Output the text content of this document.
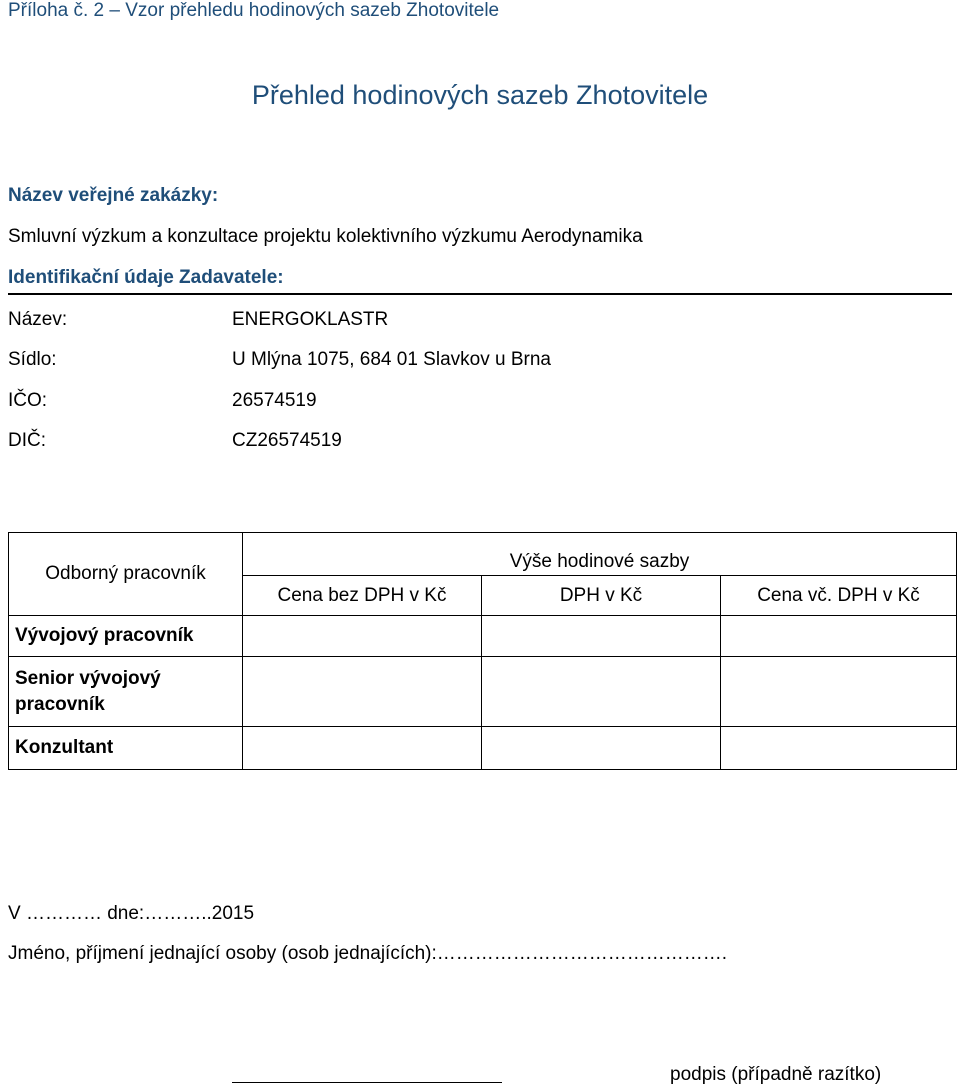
Příloha č. 2 – Vzor přehledu hodinových sazeb Zhotovitele
Přehled hodinových sazeb Zhotovitele
Název veřejné zakázky:
Smluvní výzkum a konzultace projektu kolektivního výzkumu Aerodynamika
Identifikační údaje Zadavatele:
Název:	ENERGOKLASTR
Sídlo:	U Mlýna 1075, 684 01 Slavkov u Brna
IČO:	26574519
DIČ:	CZ26574519
Odborný pracovník	Výše hodinové sazby		
	Cena bez DPH v Kč	DPH v Kč	Cena vč. DPH v Kč
Vývojový pracovník			
Senior vývojový pracovník			
Konzultant			
V ………… dne:………..2015
Jméno, příjmení jednající osoby (osob jednajících):……………………………………….
podpis (případně razítko)
